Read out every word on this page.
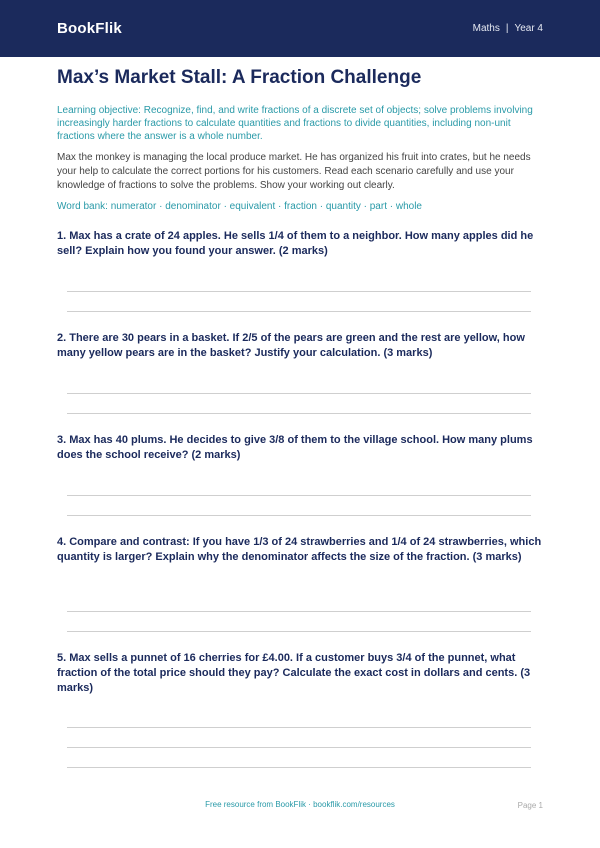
BookFlik	Maths | Year 4
Max’s Market Stall: A Fraction Challenge
Learning objective: Recognize, find, and write fractions of a discrete set of objects; solve problems involving increasingly harder fractions to calculate quantities and fractions to divide quantities, including non-unit fractions where the answer is a whole number.
Max the monkey is managing the local produce market. He has organized his fruit into crates, but he needs your help to calculate the correct portions for his customers. Read each scenario carefully and use your knowledge of fractions to solve the problems. Show your working out clearly.
Word bank: numerator · denominator · equivalent · fraction · quantity · part · whole
1. Max has a crate of 24 apples. He sells 1/4 of them to a neighbor. How many apples did he sell? Explain how you found your answer. (2 marks)
2. There are 30 pears in a basket. If 2/5 of the pears are green and the rest are yellow, how many yellow pears are in the basket? Justify your calculation. (3 marks)
3. Max has 40 plums. He decides to give 3/8 of them to the village school. How many plums does the school receive? (2 marks)
4. Compare and contrast: If you have 1/3 of 24 strawberries and 1/4 of 24 strawberries, which quantity is larger? Explain why the denominator affects the size of the fraction. (3 marks)
5. Max sells a punnet of 16 cherries for £4.00. If a customer buys 3/4 of the punnet, what fraction of the total price should they pay? Calculate the exact cost in dollars and cents. (3 marks)
Free resource from BookFlik · bookflik.com/resources	Page 1
